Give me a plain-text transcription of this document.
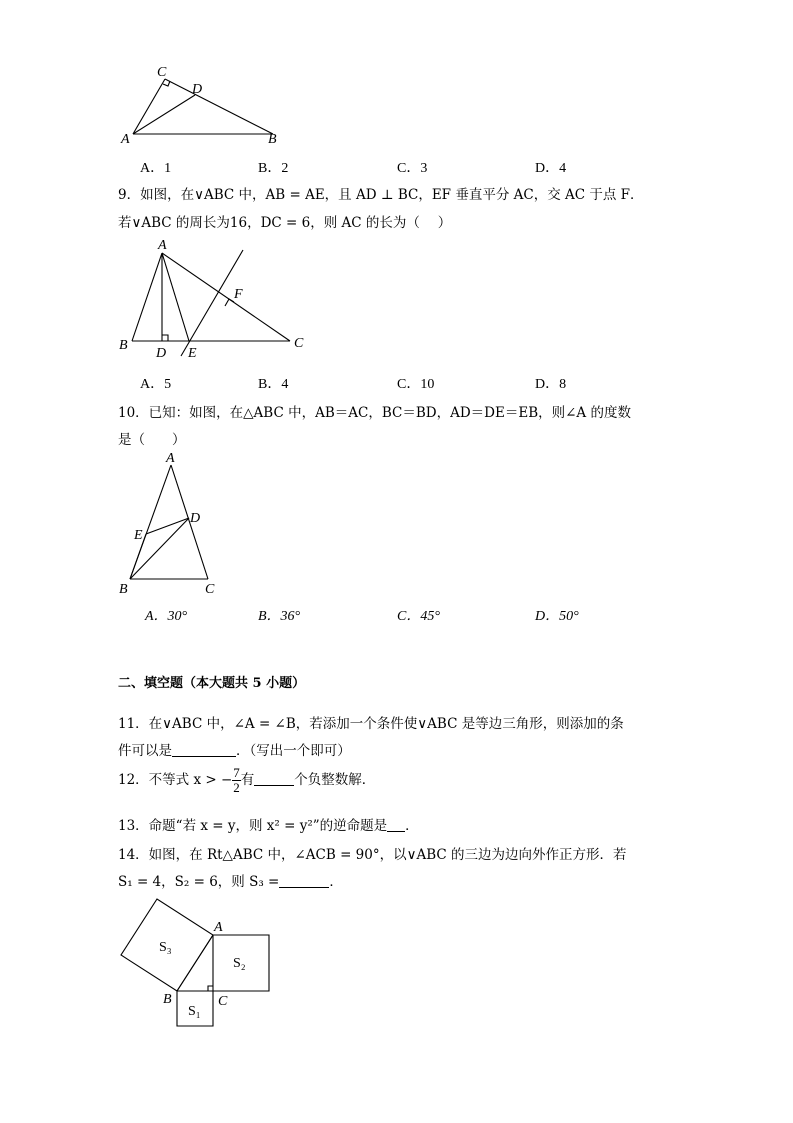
C
D
A	B
A．1	B．2	C．3	D．4
9．如图，在∨ABC 中，AB = AE，且 AD ⊥ BC，EF 垂直平分 AC，交 AC 于点 F．
若∨ABC 的周长为16，DC = 6，则 AC 的长为（　 ）
A
B
D E
C
F
A．5	B．4	C．10	D．8
10．已知：如图，在△ABC 中，AB＝AC，BC＝BD，AD＝DE＝EB，则∠A 的度数
是（　　）
A
E
D
B	C
A．30°	B．36°	C．45°	D．50°
二、填空题（本大题共 5 小题）
11．在∨ABC 中，∠A = ∠B，若添加一个条件使∨ABC 是等边三角形，则添加的条
件可以是	．（写出一个即可）
12．不等式 x > − $\frac{7}{2}$ 有	个负整数解．
13．命题“若 x = y，则 x² = y²”的逆命题是 ．
14．如图，在 Rt△ABC 中，∠ACB = 90°，以∨ABC 的三边为边向外作正方形．若
S₁ = 4，S₂ = 6，则 S₃ =	．
S₃
S₂
S₁
A
B	C
